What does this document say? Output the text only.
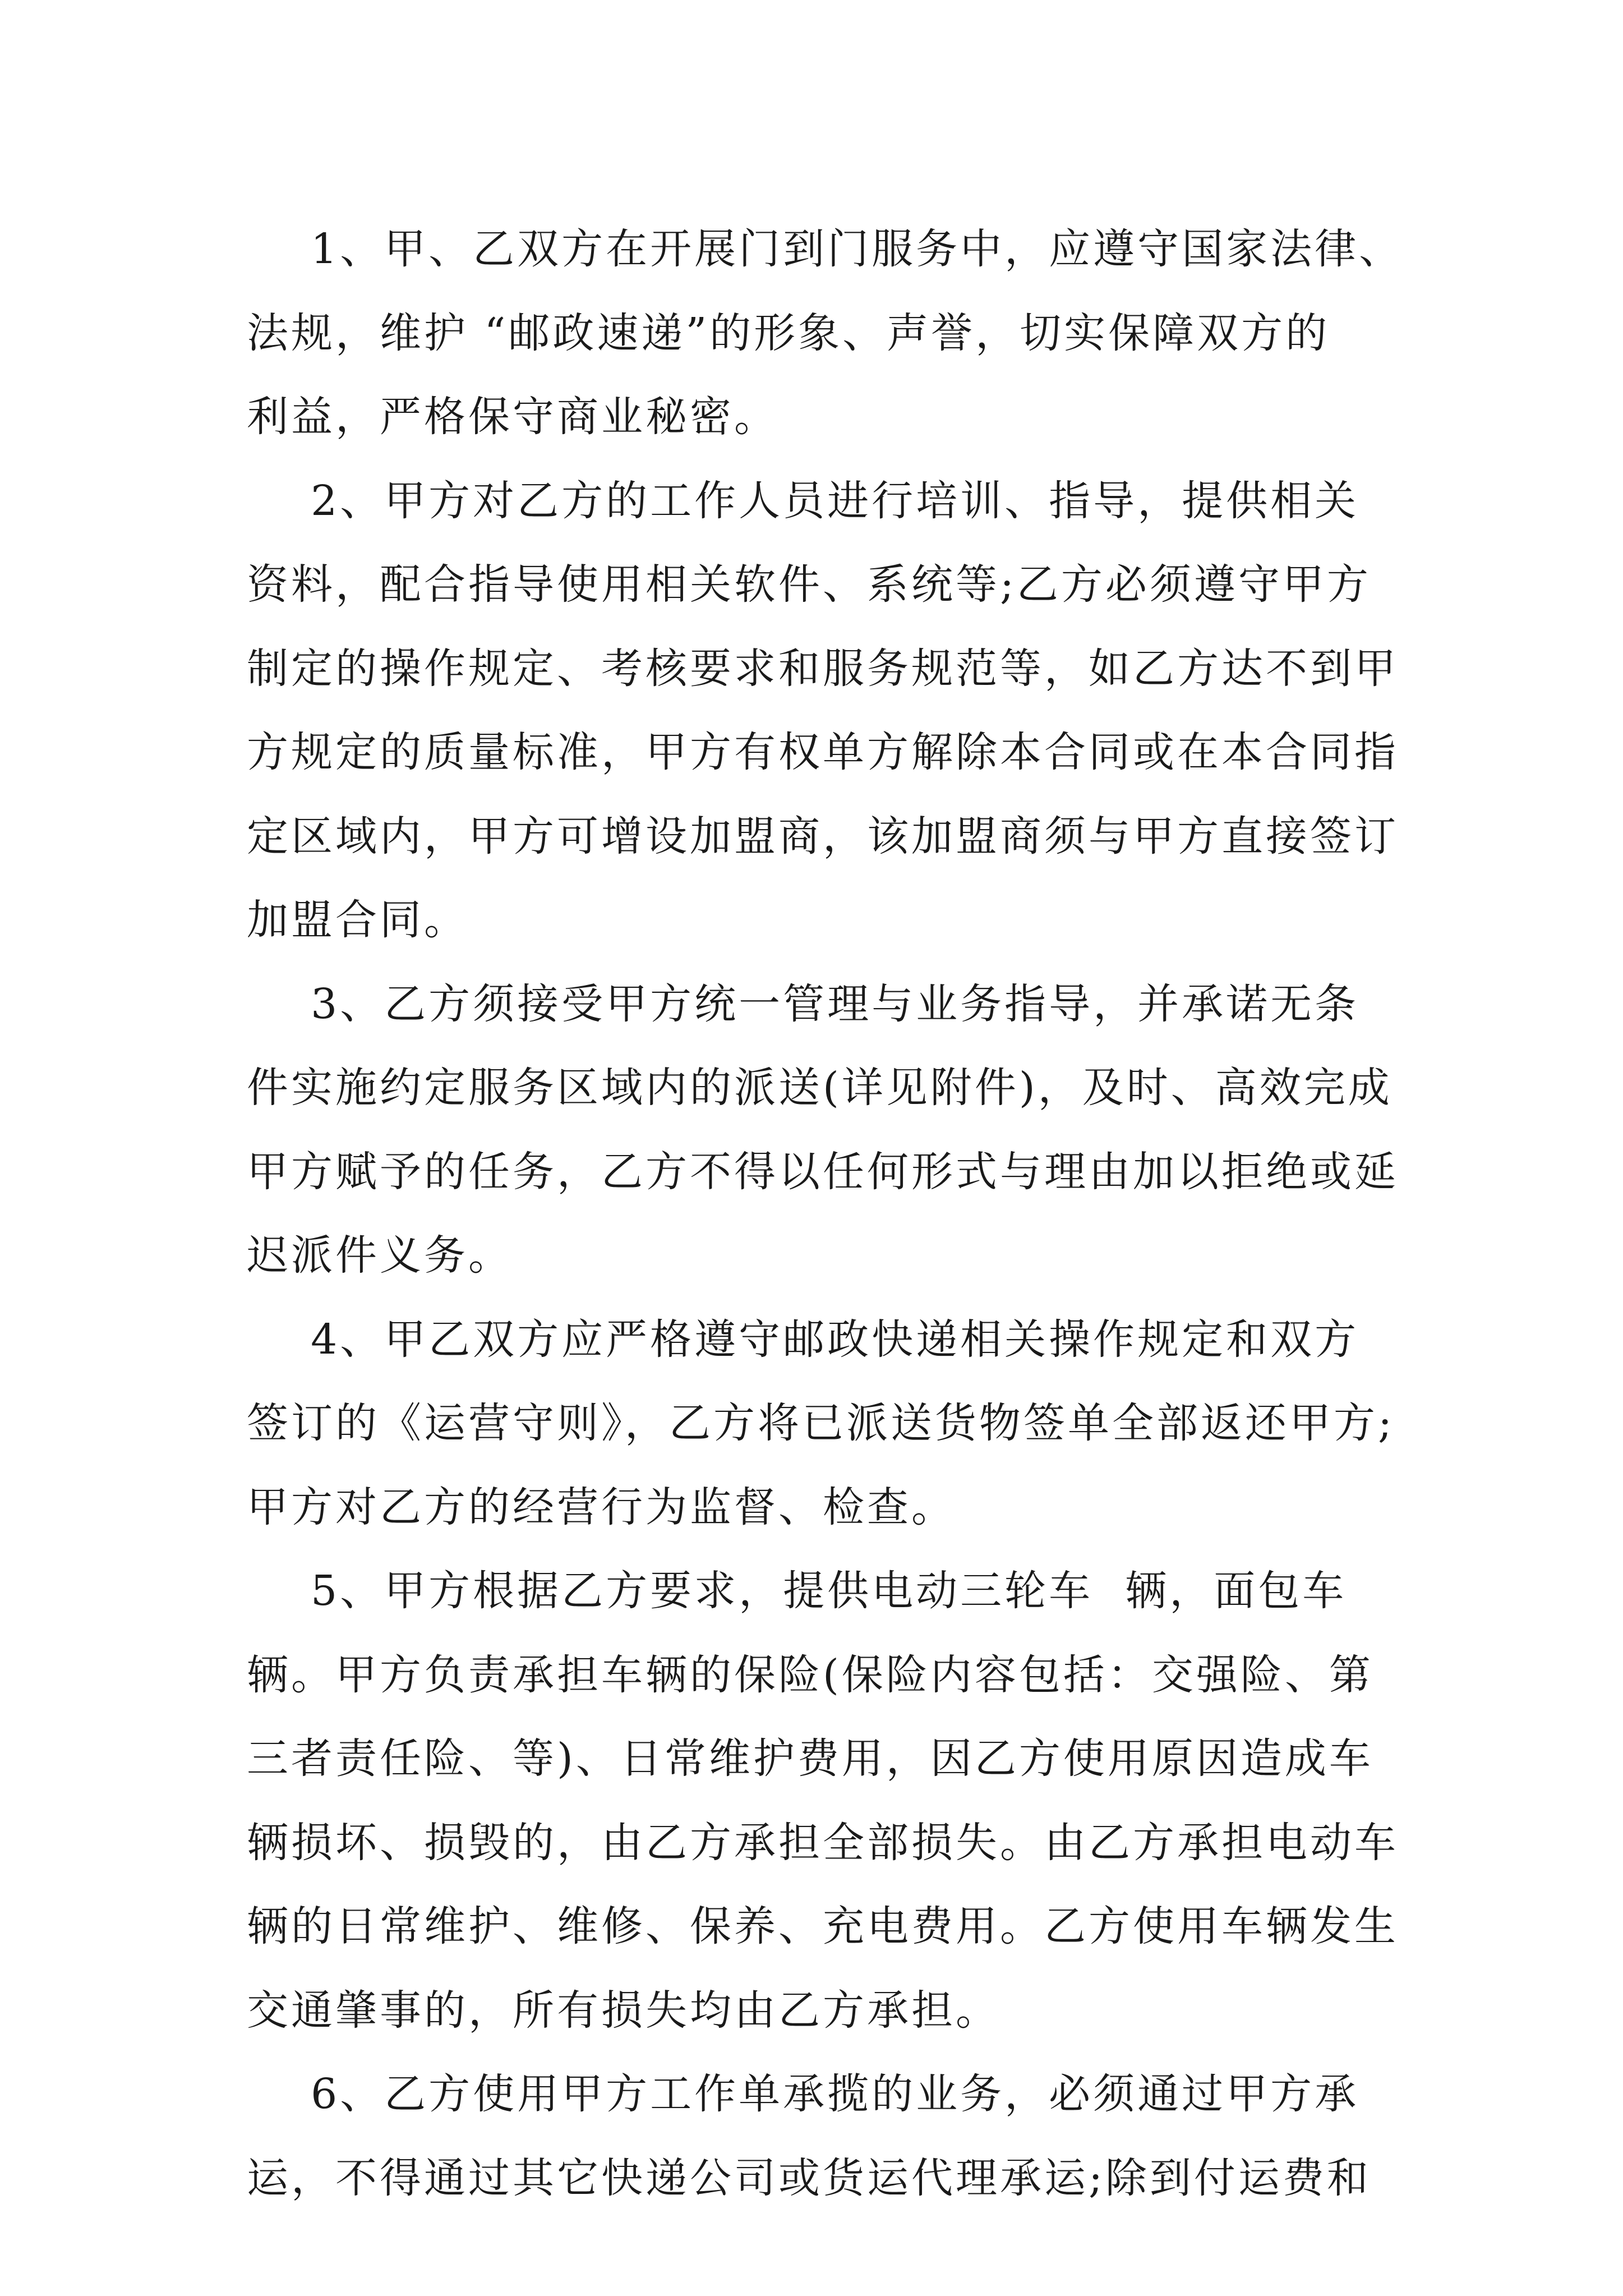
1、甲、乙双方在开展门到门服务中，应遵守国家法律、
法规，维护 “邮政速递”的形象、声誉，切实保障双方的
利益，严格保守商业秘密。
2、甲方对乙方的工作人员进行培训、指导，提供相关
资料，配合指导使用相关软件、系统等;乙方必须遵守甲方
制定的操作规定、考核要求和服务规范等，如乙方达不到甲
方规定的质量标准，甲方有权单方解除本合同或在本合同指
定区域内，甲方可增设加盟商，该加盟商须与甲方直接签订
加盟合同。
3、乙方须接受甲方统一管理与业务指导，并承诺无条
件实施约定服务区域内的派送(详见附件)，及时、高效完成
甲方赋予的任务，乙方不得以任何形式与理由加以拒绝或延
迟派件义务。
4、甲乙双方应严格遵守邮政快递相关操作规定和双方
签订的《运营守则》，乙方将已派送货物签单全部返还甲方;
甲方对乙方的经营行为监督、检查。
5、甲方根据乙方要求，提供电动三轮车  辆，面包车
辆。甲方负责承担车辆的保险(保险内容包括：交强险、第
三者责任险、等)、日常维护费用，因乙方使用原因造成车
辆损坏、损毁的，由乙方承担全部损失。由乙方承担电动车
辆的日常维护、维修、保养、充电费用。乙方使用车辆发生
交通肇事的，所有损失均由乙方承担。
6、乙方使用甲方工作单承揽的业务，必须通过甲方承
运，不得通过其它快递公司或货运代理承运;除到付运费和
